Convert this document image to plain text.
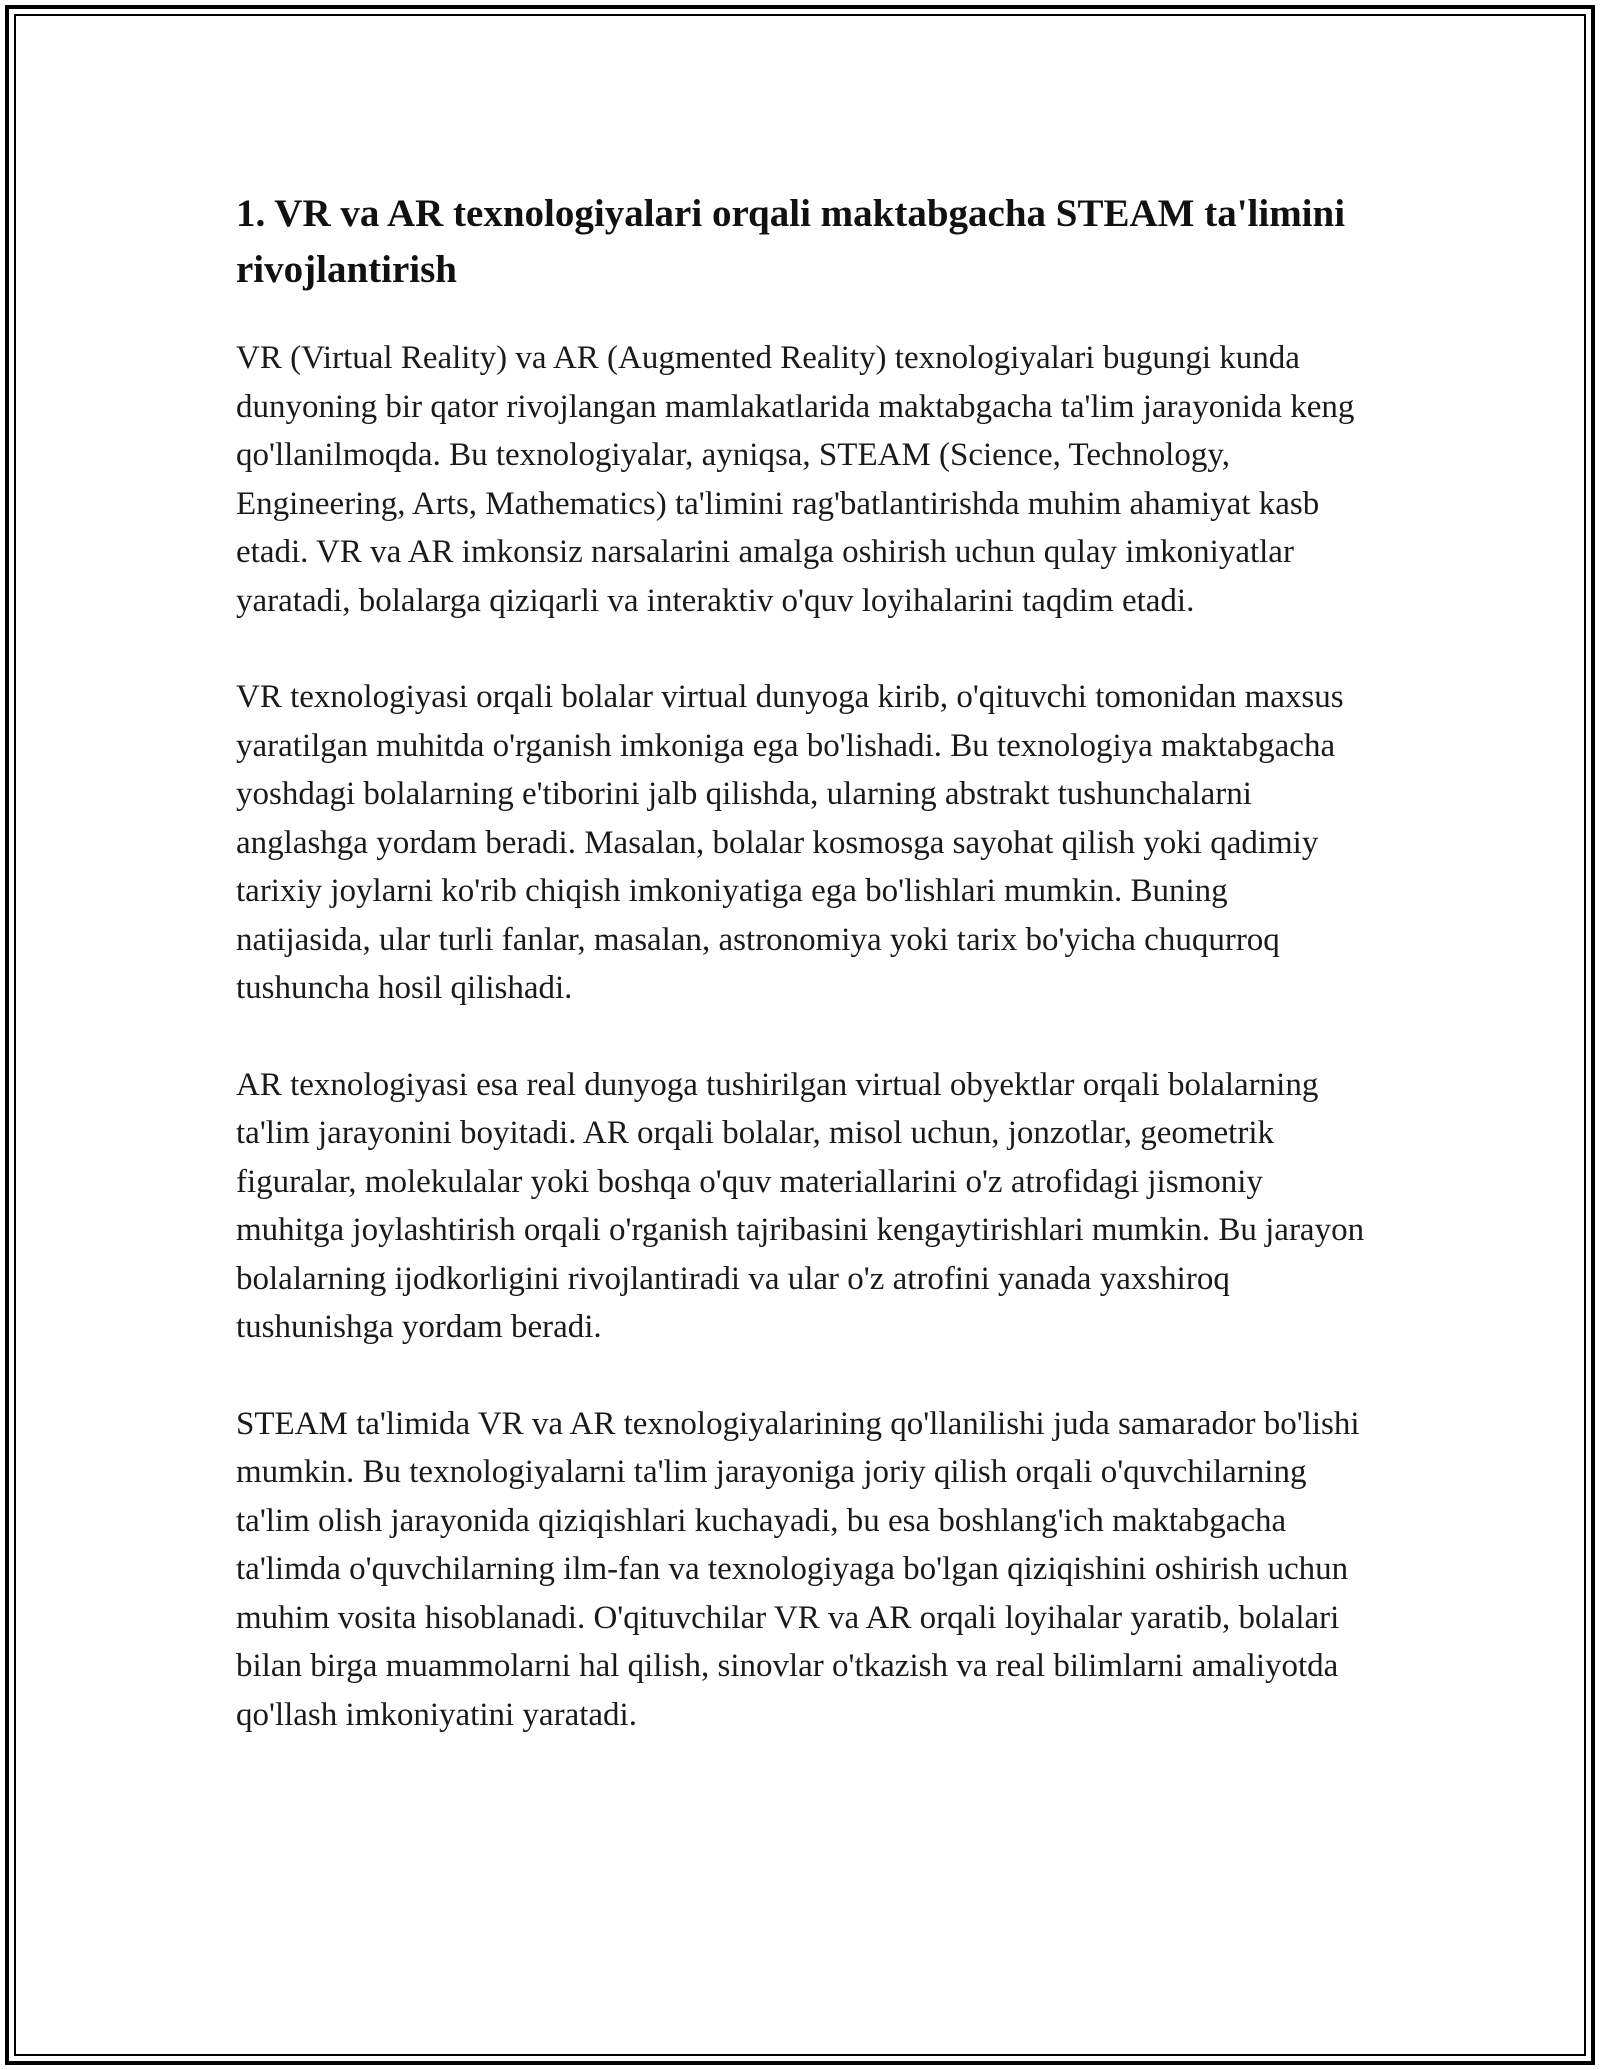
1. VR va AR texnologiyalari orqali maktabgacha STEAM ta'limini rivojlantirish

VR (Virtual Reality) va AR (Augmented Reality) texnologiyalari bugungi kunda dunyoning bir qator rivojlangan mamlakatlarida maktabgacha ta'lim jarayonida keng qo'llanilmoqda. Bu texnologiyalar, ayniqsa, STEAM (Science, Technology, Engineering, Arts, Mathematics) ta'limini rag'batlantirishda muhim ahamiyat kasb etadi. VR va AR imkonsiz narsalarini amalga oshirish uchun qulay imkoniyatlar yaratadi, bolalarga qiziqarli va interaktiv o'quv loyihalarini taqdim etadi.

VR texnologiyasi orqali bolalar virtual dunyoga kirib, o'qituvchi tomonidan maxsus yaratilgan muhitda o'rganish imkoniga ega bo'lishadi. Bu texnologiya maktabgacha yoshdagi bolalarning e'tiborini jalb qilishda, ularning abstrakt tushunchalarni anglashga yordam beradi. Masalan, bolalar kosmosga sayohat qilish yoki qadimiy tarixiy joylarni ko'rib chiqish imkoniyatiga ega bo'lishlari mumkin. Buning natijasida, ular turli fanlar, masalan, astronomiya yoki tarix bo'yicha chuqurroq tushuncha hosil qilishadi.

AR texnologiyasi esa real dunyoga tushirilgan virtual obyektlar orqali bolalarning ta'lim jarayonini boyitadi. AR orqali bolalar, misol uchun, jonzotlar, geometrik figuralar, molekulalar yoki boshqa o'quv materiallarini o'z atrofidagi jismoniy muhitga joylashtirish orqali o'rganish tajribasini kengaytirishlari mumkin. Bu jarayon bolalarning ijodkorligini rivojlantiradi va ular o'z atrofini yanada yaxshiroq tushunishga yordam beradi.

STEAM ta'limida VR va AR texnologiyalarining qo'llanilishi juda samarador bo'lishi mumkin. Bu texnologiyalarni ta'lim jarayoniga joriy qilish orqali o'quvchilarning ta'lim olish jarayonida qiziqishlari kuchayadi, bu esa boshlang'ich maktabgacha ta'limda o'quvchilarning ilm-fan va texnologiyaga bo'lgan qiziqishini oshirish uchun muhim vosita hisoblanadi. O'qituvchilar VR va AR orqali loyihalar yaratib, bolalari bilan birga muammolarni hal qilish, sinovlar o'tkazish va real bilimlarni amaliyotda qo'llash imkoniyatini yaratadi.
